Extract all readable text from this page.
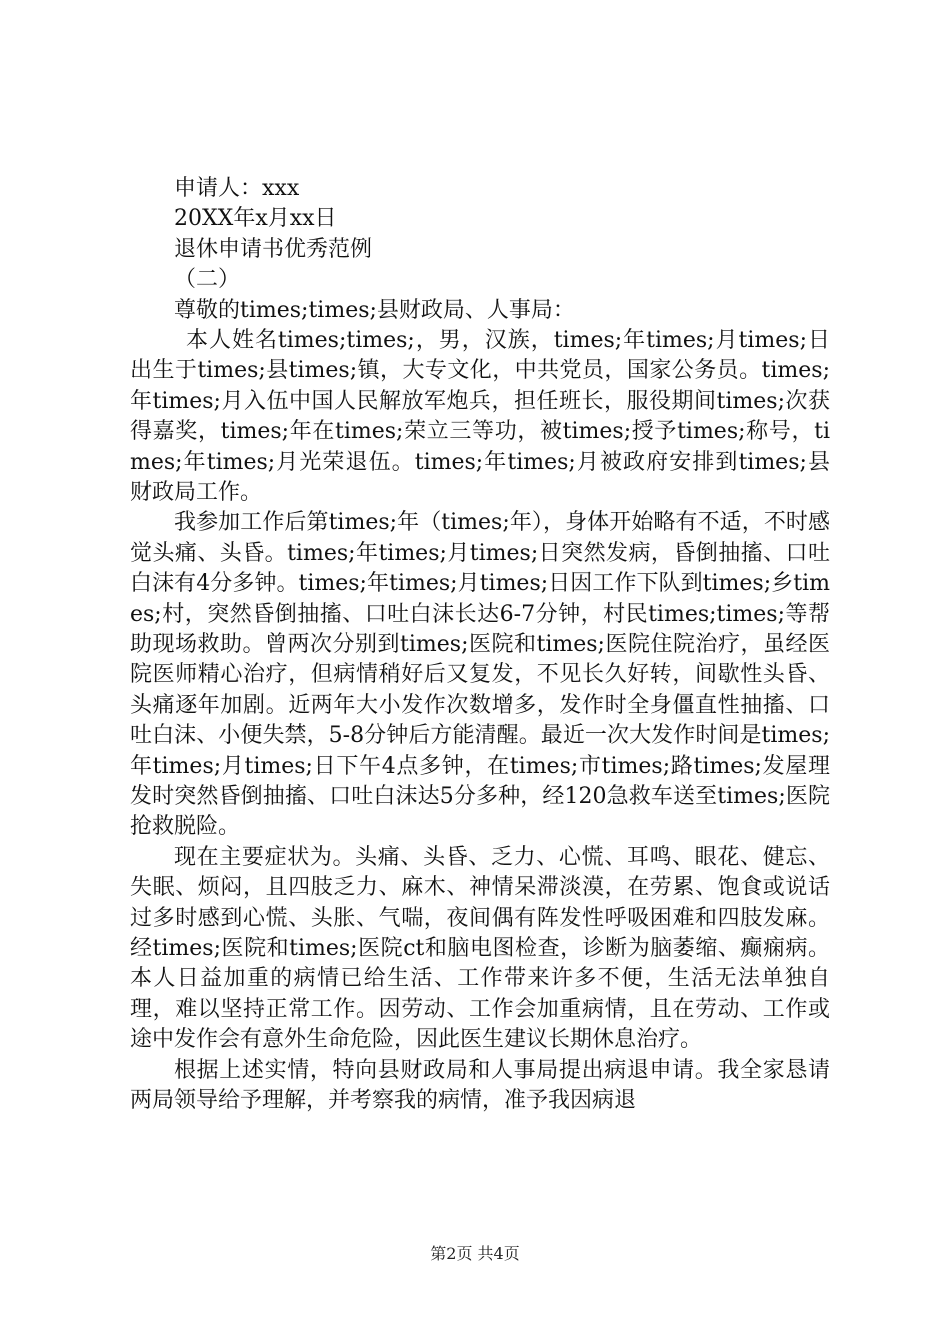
申请人：xxx
20XX年x月xx日
退休申请书优秀范例
（二）
尊敬的times;times;县财政局、人事局：

本人姓名times;times;，男，汉族，times;年times;月times;日出生于times;县times;镇，大专文化，中共党员，国家公务员。times;年times;月入伍中国人民解放军炮兵，担任班长，服役期间times;次获得嘉奖，times;年在times;荣立三等功，被times;授予times;称号，times;年times;月光荣退伍。times;年times;月被政府安排到times;县财政局工作。

我参加工作后第times;年（times;年），身体开始略有不适，不时感觉头痛、头昏。times;年times;月times;日突然发病，昏倒抽搐、口吐白沫有4分多钟。times;年times;月times;日因工作下队到times;乡times;村，突然昏倒抽搐、口吐白沫长达6-7分钟，村民times;times;等帮助现场救助。曾两次分别到times;医院和times;医院住院治疗，虽经医院医师精心治疗，但病情稍好后又复发，不见长久好转，间歇性头昏、头痛逐年加剧。近两年大小发作次数增多，发作时全身僵直性抽搐、口吐白沫、小便失禁，5-8分钟后方能清醒。最近一次大发作时间是times;年times;月times;日下午4点多钟，在times;市times;路times;发屋理发时突然昏倒抽搐、口吐白沫达5分多种，经120急救车送至times;医院抢救脱险。

现在主要症状为。头痛、头昏、乏力、心慌、耳鸣、眼花、健忘、失眠、烦闷，且四肢乏力、麻木、神情呆滞淡漠，在劳累、饱食或说话过多时感到心慌、头胀、气喘，夜间偶有阵发性呼吸困难和四肢发麻。经times;医院和times;医院ct和脑电图检查，诊断为脑萎缩、癫痫病。本人日益加重的病情已给生活、工作带来许多不便，生活无法单独自理，难以坚持正常工作。因劳动、工作会加重病情，且在劳动、工作或途中发作会有意外生命危险，因此医生建议长期休息治疗。

根据上述实情，特向县财政局和人事局提出病退申请。我全家恳请两局领导给予理解，并考察我的病情，准予我因病退

第2页 共4页
